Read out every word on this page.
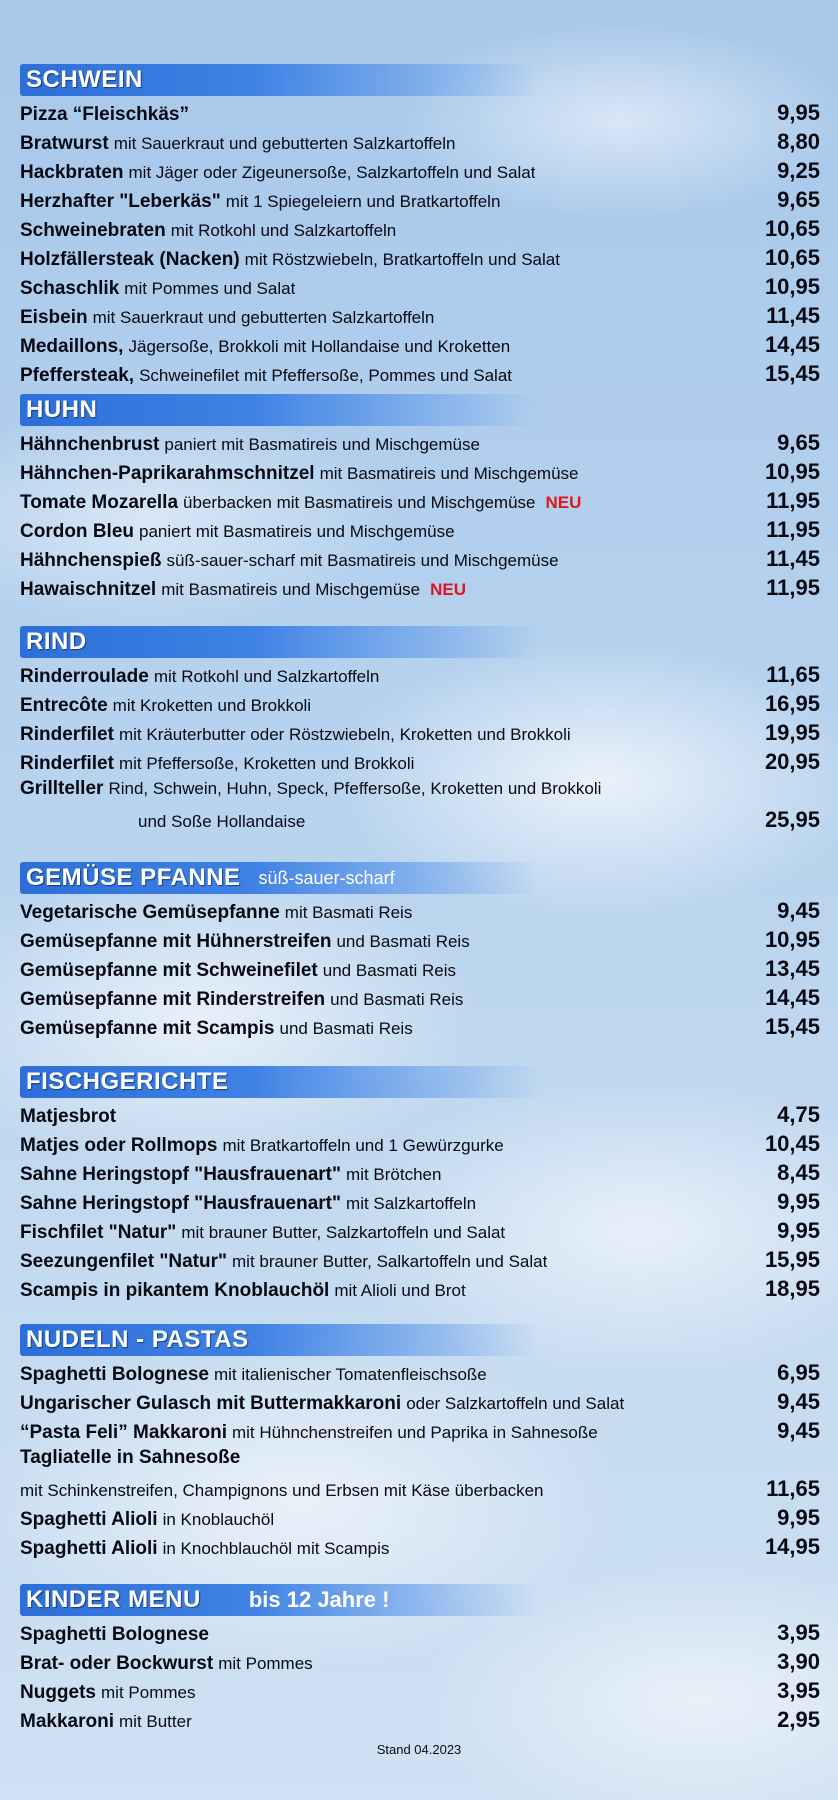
SCHWEIN
Pizza “Fleischkäs”	9,95
Bratwurst mit Sauerkraut und gebutterten Salzkartoffeln	8,80
Hackbraten mit Jäger oder Zigeunersoße, Salzkartoffeln und Salat	9,25
Herzhafter "Leberkäs" mit 1 Spiegeleiern und Bratkartoffeln	9,65
Schweinebraten mit Rotkohl und Salzkartoffeln	10,65
Holzfällersteak (Nacken) mit Röstzwiebeln, Bratkartoffeln und Salat	10,65
Schaschlik mit Pommes und Salat	10,95
Eisbein mit Sauerkraut und gebutterten Salzkartoffeln	11,45
Medaillons, Jägersoße, Brokkoli mit Hollandaise und Kroketten	14,45
Pfeffersteak, Schweinefilet mit Pfeffersoße, Pommes und Salat	15,45
HUHN
Hähnchenbrust paniert mit Basmatireis und Mischgemüse	9,65
Hähnchen-Paprikarahmschnitzel mit Basmatireis und Mischgemüse	10,95
Tomate Mozarella überbacken mit Basmatireis und Mischgemüse NEU	11,95
Cordon Bleu paniert mit Basmatireis und Mischgemüse	11,95
Hähnchenspieß süß-sauer-scharf mit Basmatireis und Mischgemüse	11,45
Hawaischnitzel mit Basmatireis und Mischgemüse NEU	11,95
RIND
Rinderroulade mit Rotkohl und Salzkartoffeln	11,65
Entrecôte mit Kroketten und Brokkoli	16,95
Rinderfilet mit Kräuterbutter oder Röstzwiebeln, Kroketten und Brokkoli	19,95
Rinderfilet mit Pfeffersoße, Kroketten und Brokkoli	20,95
Grillteller Rind, Schwein, Huhn, Speck, Pfeffersoße, Kroketten und Brokkoli
und Soße Hollandaise	25,95
GEMÜSE PFANNE süß-sauer-scharf
Vegetarische Gemüsepfanne mit Basmati Reis	9,45
Gemüsepfanne mit Hühnerstreifen und Basmati Reis	10,95
Gemüsepfanne mit Schweinefilet und Basmati Reis	13,45
Gemüsepfanne mit Rinderstreifen und Basmati Reis	14,45
Gemüsepfanne mit Scampis und Basmati Reis	15,45
FISCHGERICHTE
Matjesbrot	4,75
Matjes oder Rollmops mit Bratkartoffeln und 1 Gewürzgurke	10,45
Sahne Heringstopf "Hausfrauenart" mit Brötchen	8,45
Sahne Heringstopf "Hausfrauenart" mit Salzkartoffeln	9,95
Fischfilet "Natur" mit brauner Butter, Salzkartoffeln und Salat	9,95
Seezungenfilet "Natur" mit brauner Butter, Salkartoffeln und Salat	15,95
Scampis in pikantem Knoblauchöl mit Alioli und Brot	18,95
NUDELN - PASTAS
Spaghetti Bolognese mit italienischer Tomatenfleischsoße	6,95
Ungarischer Gulasch mit Buttermakkaroni oder Salzkartoffeln und Salat	9,45
“Pasta Feli” Makkaroni mit Hühnchenstreifen und Paprika in Sahnesoße	9,45
Tagliatelle in Sahnesoße
mit Schinkenstreifen, Champignons und Erbsen mit Käse überbacken	11,65
Spaghetti Alioli in Knoblauchöl	9,95
Spaghetti Alioli in Knochblauchöl mit Scampis	14,95
KINDER MENU bis 12 Jahre !
Spaghetti Bolognese	3,95
Brat- oder Bockwurst mit Pommes	3,90
Nuggets mit Pommes	3,95
Makkaroni mit Butter	2,95
Stand 04.2023
